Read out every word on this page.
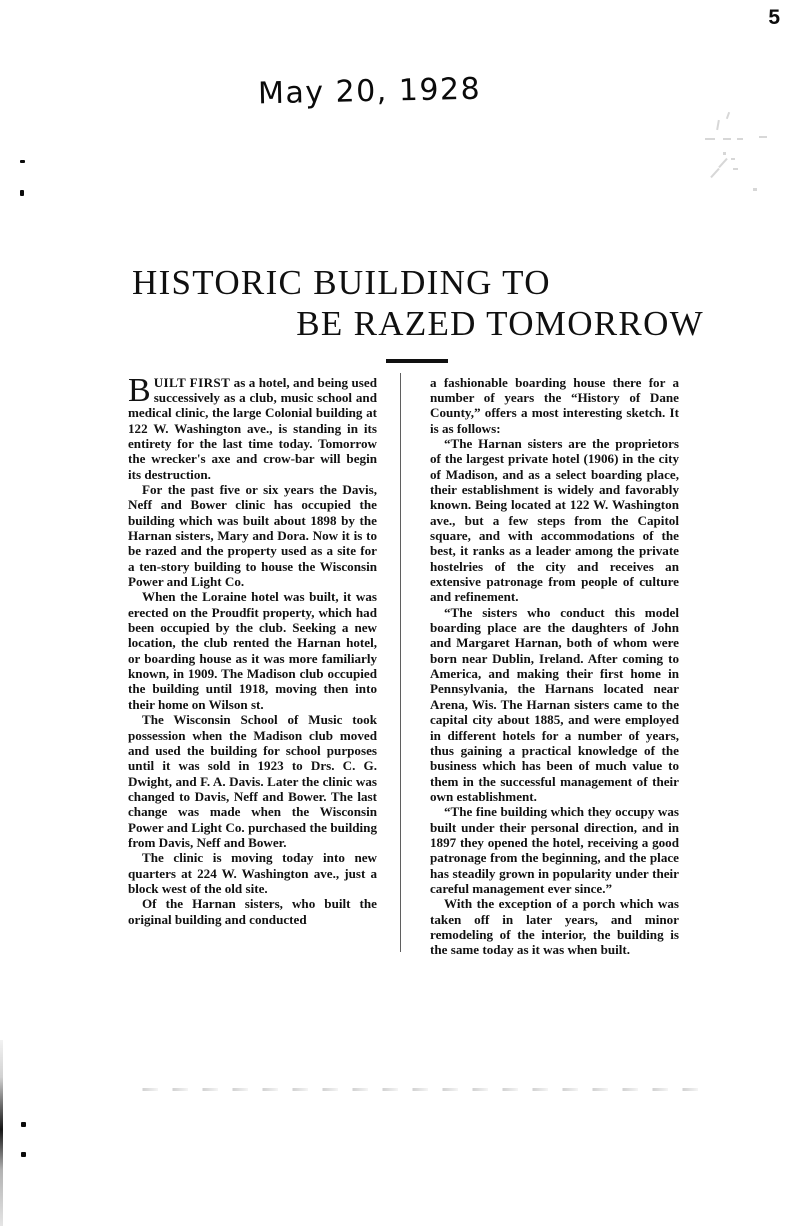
5
May 20, 1928
HISTORIC BUILDING TO
BE RAZED TOMORROW

BUILT FIRST as a hotel, and being used successively as a club, music school and medical clinic, the large Colonial building at 122 W. Washington ave., is standing in its entirety for the last time today. Tomorrow the wrecker's axe and crow-bar will begin its destruction.

For the past five or six years the Davis, Neff and Bower clinic has occupied the building which was built about 1898 by the Harnan sisters, Mary and Dora. Now it is to be razed and the property used as a site for a ten-story building to house the Wisconsin Power and Light Co.

When the Loraine hotel was built, it was erected on the Proudfit property, which had been occupied by the club. Seeking a new location, the club rented the Harnan hotel, or boarding house as it was more familiarly known, in 1909. The Madison club occupied the building until 1918, moving then into their home on Wilson st.

The Wisconsin School of Music took possession when the Madison club moved and used the building for school purposes until it was sold in 1923 to Drs. C. G. Dwight, and F. A. Davis. Later the clinic was changed to Davis, Neff and Bower. The last change was made when the Wisconsin Power and Light Co. purchased the building from Davis, Neff and Bower.

The clinic is moving today into new quarters at 224 W. Washington ave., just a block west of the old site.

Of the Harnan sisters, who built the original building and conducted

a fashionable boarding house there for a number of years the “History of Dane County,” offers a most interesting sketch. It is as follows:

“The Harnan sisters are the proprietors of the largest private hotel (1906) in the city of Madison, and as a select boarding place, their establishment is widely and favorably known. Being located at 122 W. Washington ave., but a few steps from the Capitol square, and with accommodations of the best, it ranks as a leader among the private hostelries of the city and receives an extensive patronage from people of culture and refinement.

“The sisters who conduct this model boarding place are the daughters of John and Margaret Harnan, both of whom were born near Dublin, Ireland. After coming to America, and making their first home in Pennsylvania, the Harnans located near Arena, Wis. The Harnan sisters came to the capital city about 1885, and were employed in different hotels for a number of years, thus gaining a practical knowledge of the business which has been of much value to them in the successful management of their own establishment.

“The fine building which they occupy was built under their personal direction, and in 1897 they opened the hotel, receiving a good patronage from the beginning, and the place has steadily grown in popularity under their careful management ever since.”

With the exception of a porch which was taken off in later years, and minor remodeling of the interior, the building is the same today as it was when built.
